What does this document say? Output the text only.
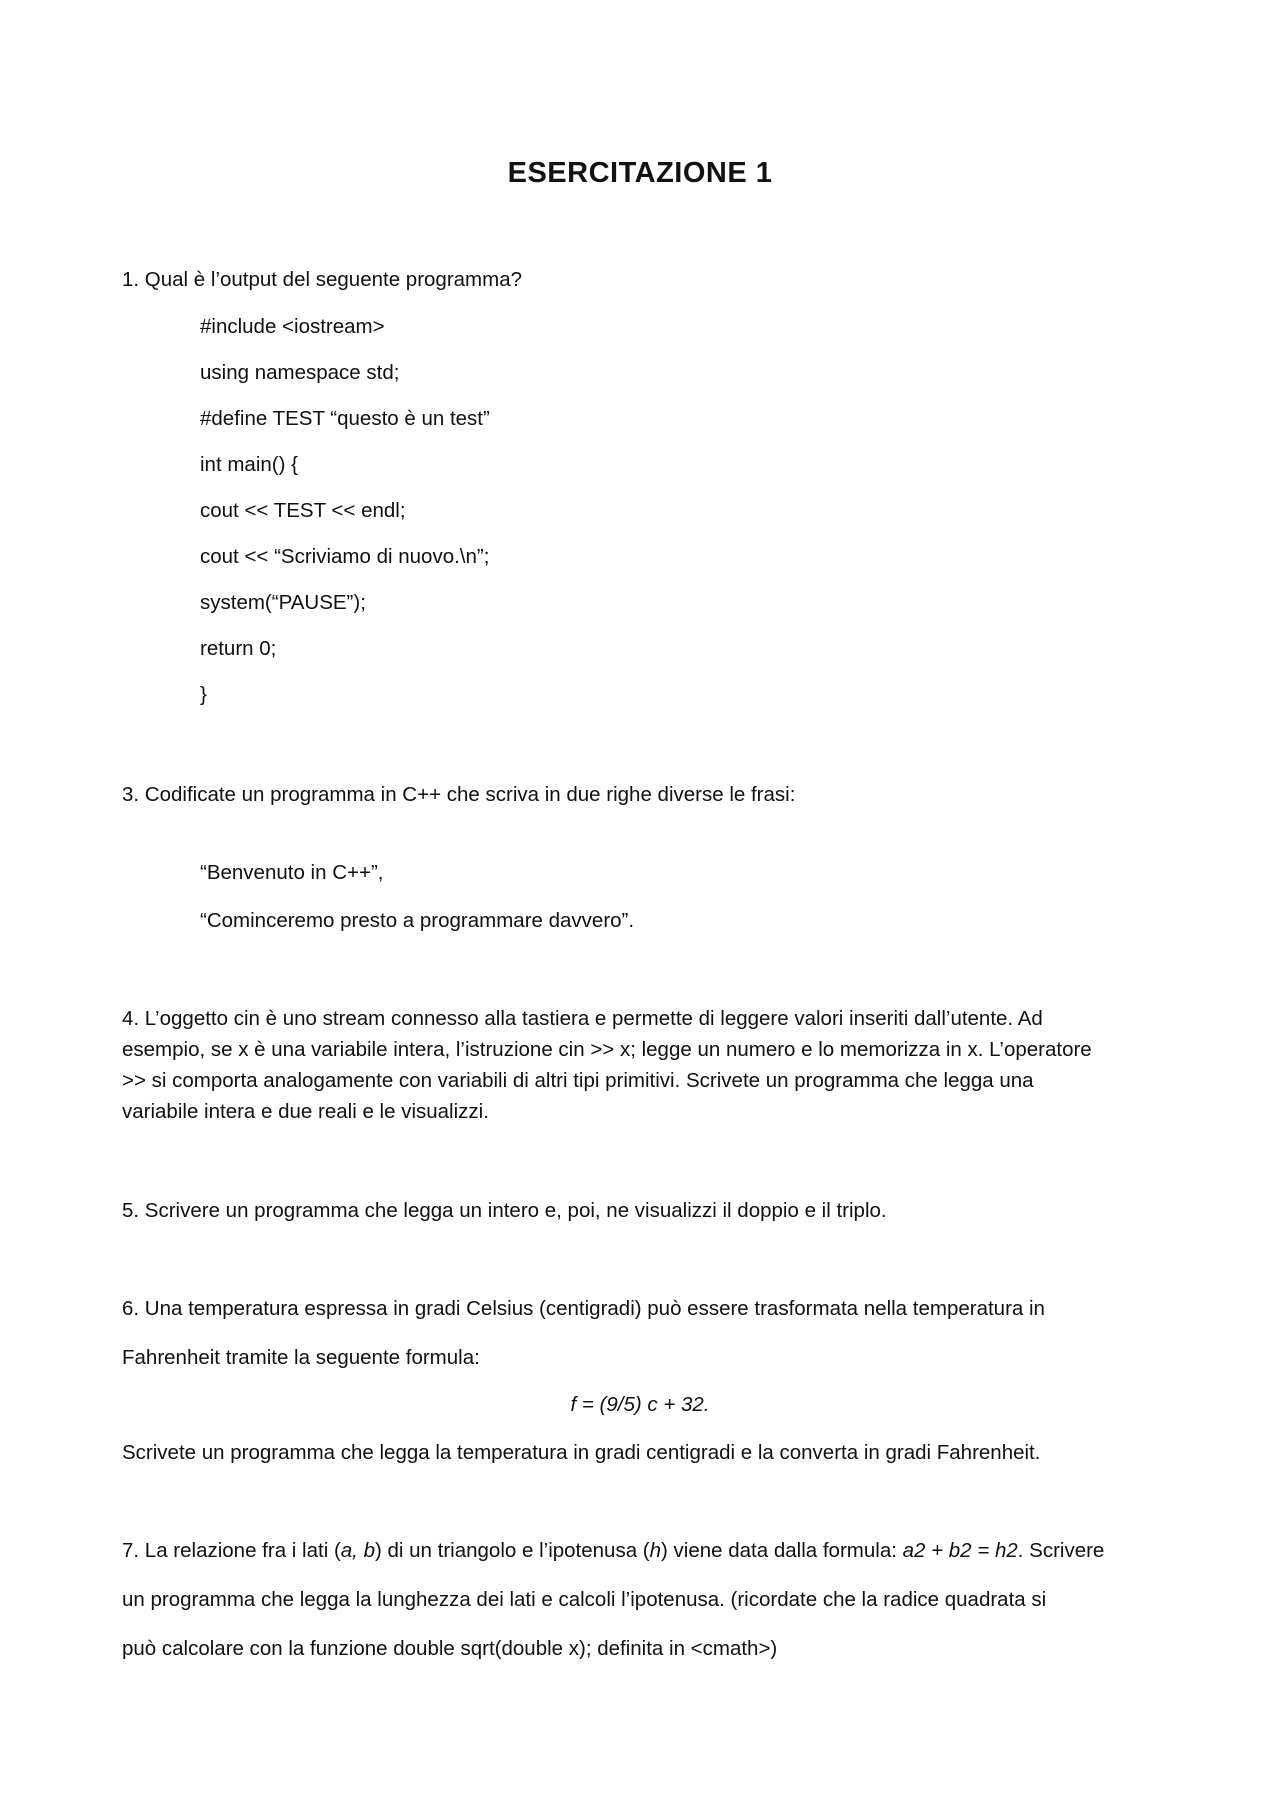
ESERCITAZIONE 1
1. Qual è l’output del seguente programma?
#include <iostream>
using namespace std;
#define TEST “questo è un test”
int main() {
cout << TEST << endl;
cout << “Scriviamo di nuovo.\n”;
system(“PAUSE”);
return 0;
}
3. Codificate un programma in C++ che scriva in due righe diverse le frasi:
“Benvenuto in C++”,
“Cominceremo presto a programmare davvero”.
4. L’oggetto cin è uno stream connesso alla tastiera e permette di leggere valori inseriti dall’utente. Ad
esempio, se x è una variabile intera, l’istruzione cin >> x; legge un numero e lo memorizza in x. L’operatore
>> si comporta analogamente con variabili di altri tipi primitivi. Scrivete un programma che legga una
variabile intera e due reali e le visualizzi.
5. Scrivere un programma che legga un intero e, poi, ne visualizzi il doppio e il triplo.
6. Una temperatura espressa in gradi Celsius (centigradi) può essere trasformata nella temperatura in
Fahrenheit tramite la seguente formula:
f = (9/5) c + 32.
Scrivete un programma che legga la temperatura in gradi centigradi e la converta in gradi Fahrenheit.
7. La relazione fra i lati (a, b) di un triangolo e l’ipotenusa (h) viene data dalla formula: a2 + b2 = h2. Scrivere
un programma che legga la lunghezza dei lati e calcoli l’ipotenusa. (ricordate che la radice quadrata si
può calcolare con la funzione double sqrt(double x); definita in <cmath>)
